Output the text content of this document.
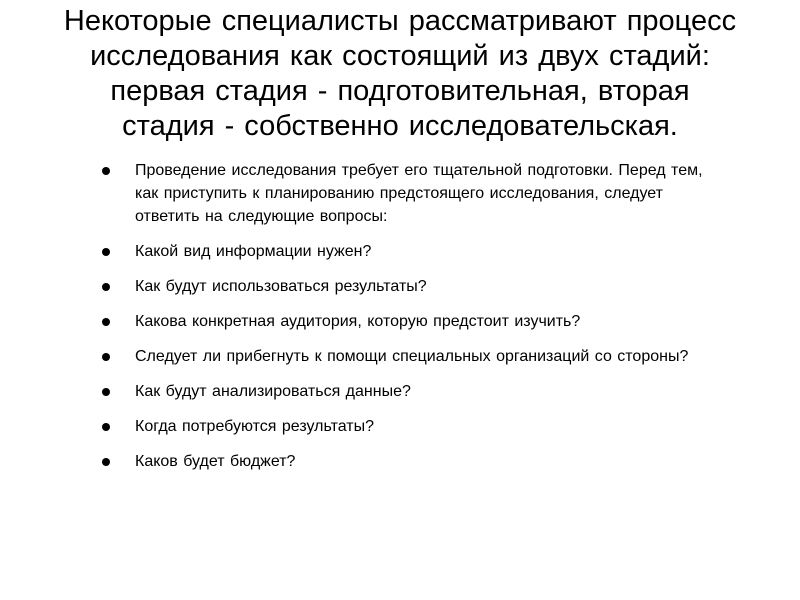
Некоторые специалисты рассматривают процесс исследования как состоящий из двух стадий: первая стадия - подготовительная, вторая стадия - собственно исследовательская.
Проведение исследования требует его тщательной подготовки. Перед тем, как приступить к планированию предстоящего исследования, следует ответить на следующие вопросы:
Какой вид информации нужен?
Как будут использоваться результаты?
Какова конкретная аудитория, которую предстоит изучить?
Следует ли прибегнуть к помощи специальных организаций со стороны?
Как будут анализироваться данные?
Когда потребуются результаты?
Каков будет бюджет?
